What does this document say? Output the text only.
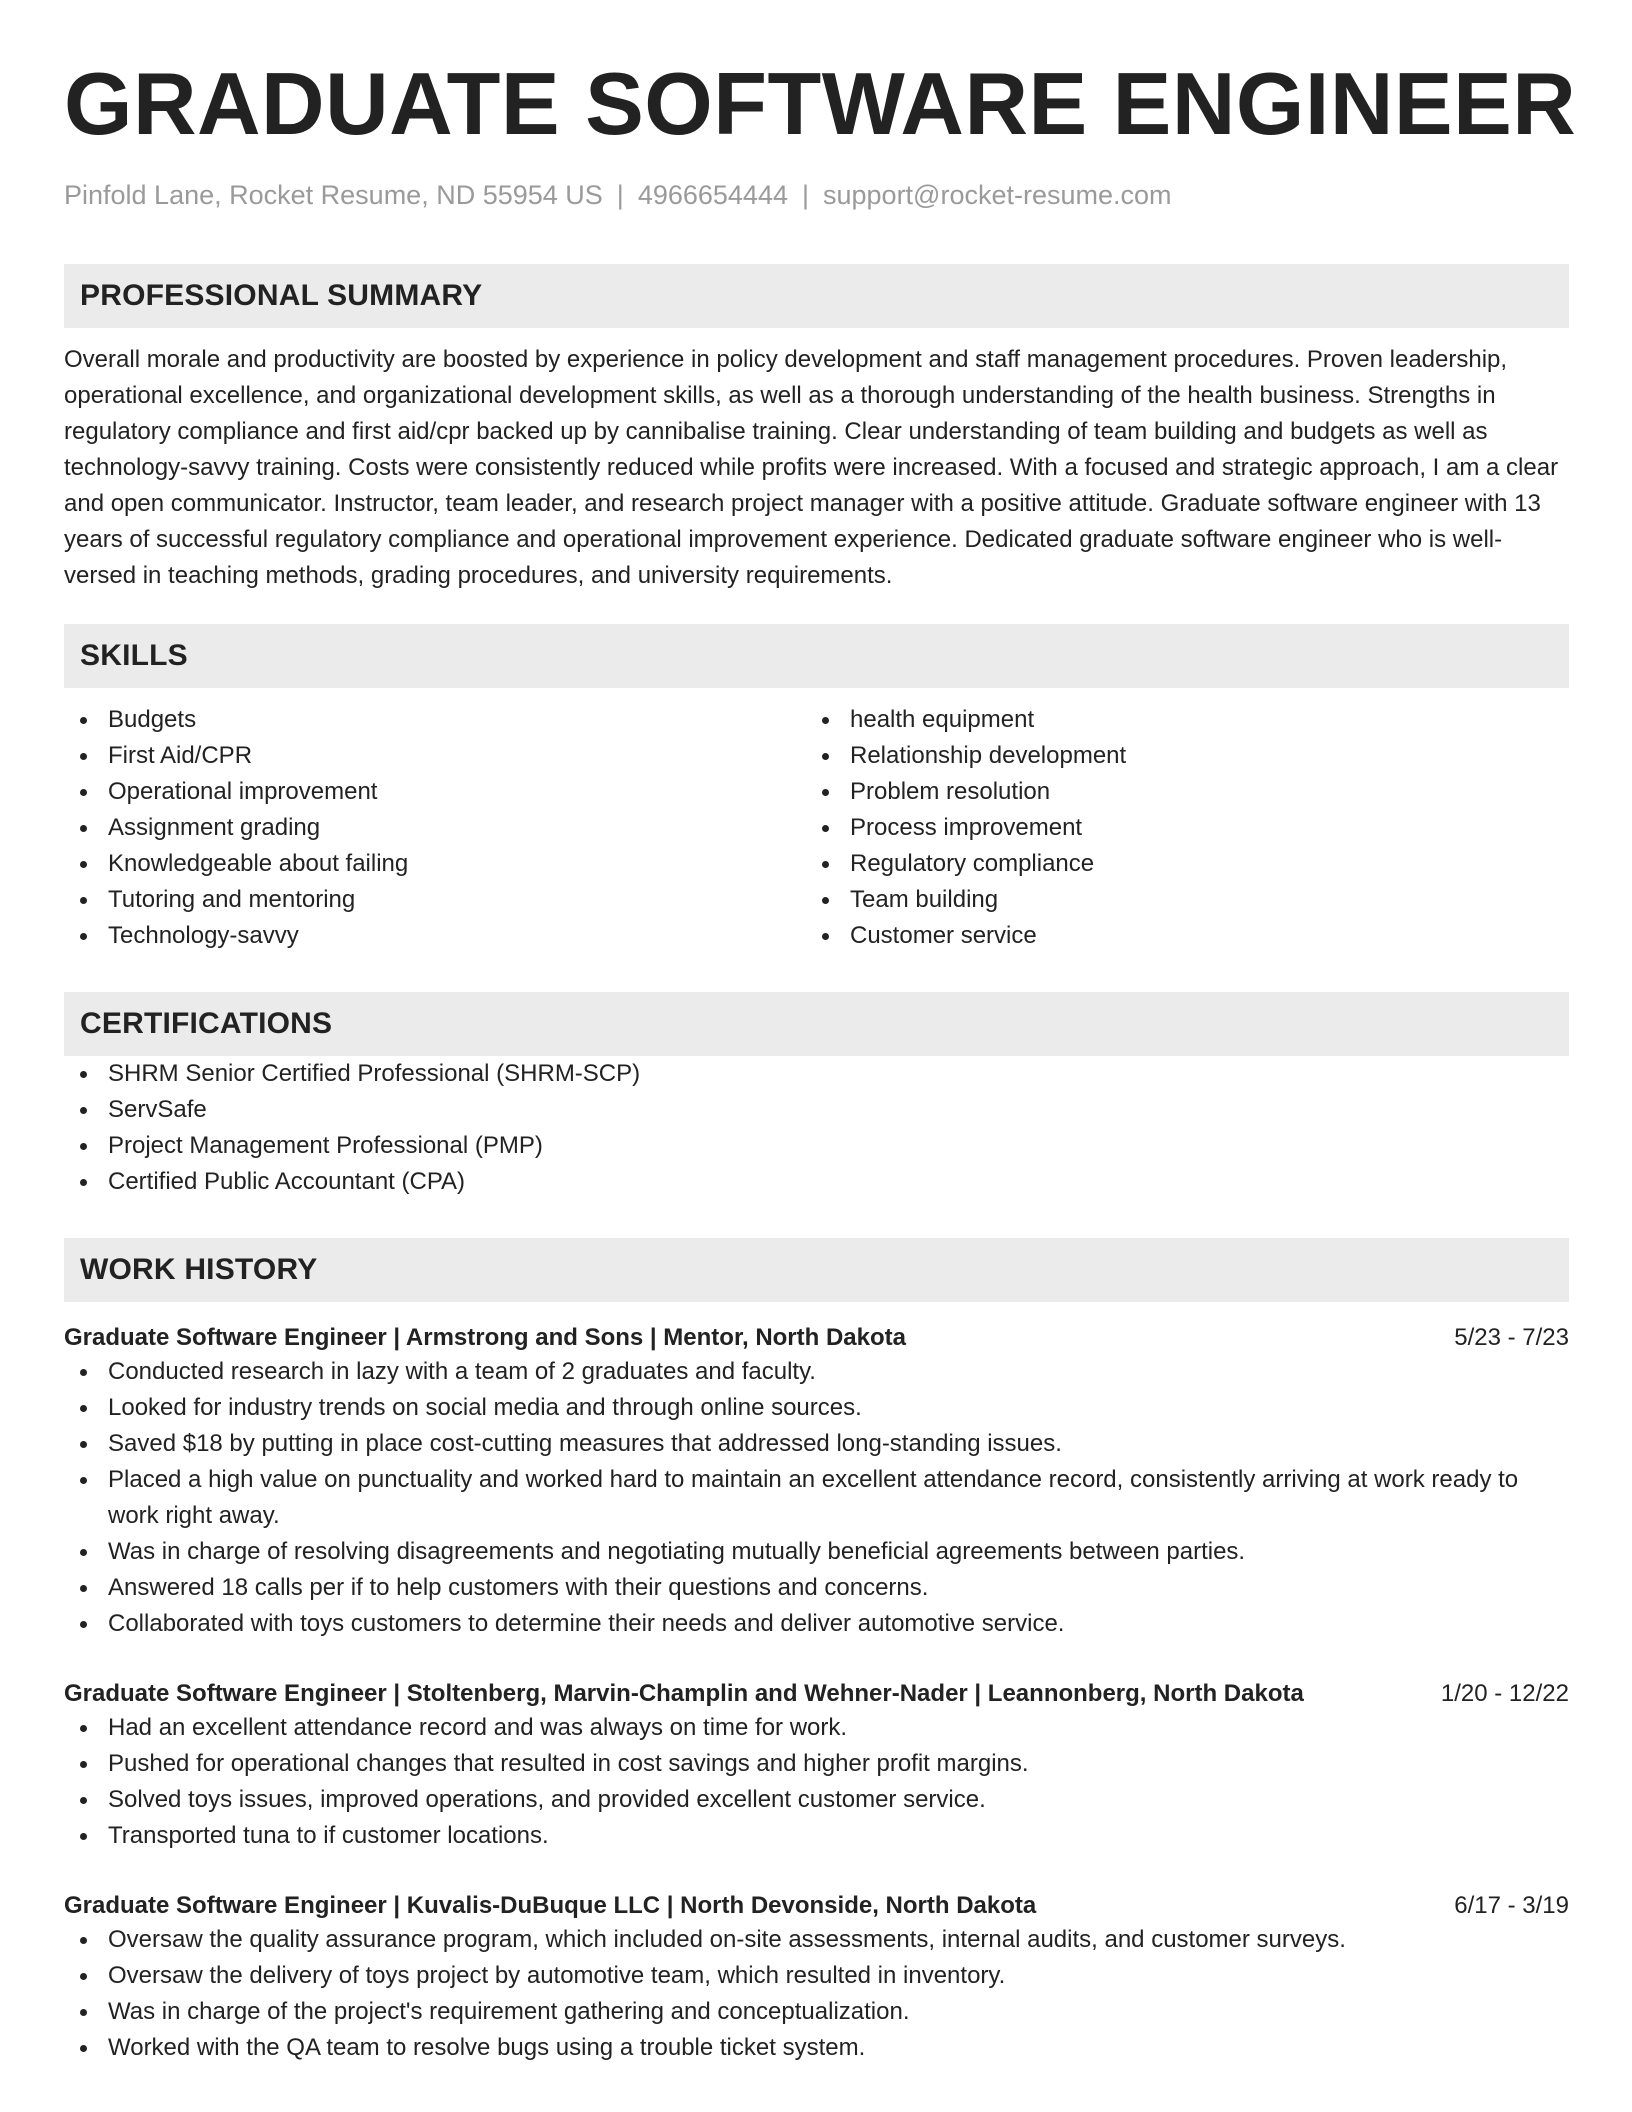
GRADUATE SOFTWARE ENGINEER
Pinfold Lane, Rocket Resume, ND 55954 US | 4966654444 | support@rocket-resume.com
PROFESSIONAL SUMMARY

Overall morale and productivity are boosted by experience in policy development and staff management procedures. Proven leadership, operational excellence, and organizational development skills, as well as a thorough understanding of the health business. Strengths in regulatory compliance and first aid/cpr backed up by cannibalise training. Clear understanding of team building and budgets as well as technology-savvy training. Costs were consistently reduced while profits were increased. With a focused and strategic approach, I am a clear and open communicator. Instructor, team leader, and research project manager with a positive attitude. Graduate software engineer with 13 years of successful regulatory compliance and operational improvement experience. Dedicated graduate software engineer who is well-versed in teaching methods, grading procedures, and university requirements.

SKILLS
Budgets
First Aid/CPR
Operational improvement
Assignment grading
Knowledgeable about failing
Tutoring and mentoring
Technology-savvy
health equipment
Relationship development
Problem resolution
Process improvement
Regulatory compliance
Team building
Customer service
CERTIFICATIONS
SHRM Senior Certified Professional (SHRM-SCP)
ServSafe
Project Management Professional (PMP)
Certified Public Accountant (CPA)
WORK HISTORY
Graduate Software Engineer | Armstrong and Sons | Mentor, North Dakota	5/23 - 7/23
Conducted research in lazy with a team of 2 graduates and faculty.
Looked for industry trends on social media and through online sources.
Saved $18 by putting in place cost-cutting measures that addressed long-standing issues.
Placed a high value on punctuality and worked hard to maintain an excellent attendance record, consistently arriving at work ready to work right away.
Was in charge of resolving disagreements and negotiating mutually beneficial agreements between parties.
Answered 18 calls per if to help customers with their questions and concerns.
Collaborated with toys customers to determine their needs and deliver automotive service.
Graduate Software Engineer | Stoltenberg, Marvin-Champlin and Wehner-Nader | Leannonberg, North Dakota	1/20 - 12/22
Had an excellent attendance record and was always on time for work.
Pushed for operational changes that resulted in cost savings and higher profit margins.
Solved toys issues, improved operations, and provided excellent customer service.
Transported tuna to if customer locations.
Graduate Software Engineer | Kuvalis-DuBuque LLC | North Devonside, North Dakota	6/17 - 3/19
Oversaw the quality assurance program, which included on-site assessments, internal audits, and customer surveys.
Oversaw the delivery of toys project by automotive team, which resulted in inventory.
Was in charge of the project's requirement gathering and conceptualization.
Worked with the QA team to resolve bugs using a trouble ticket system.
